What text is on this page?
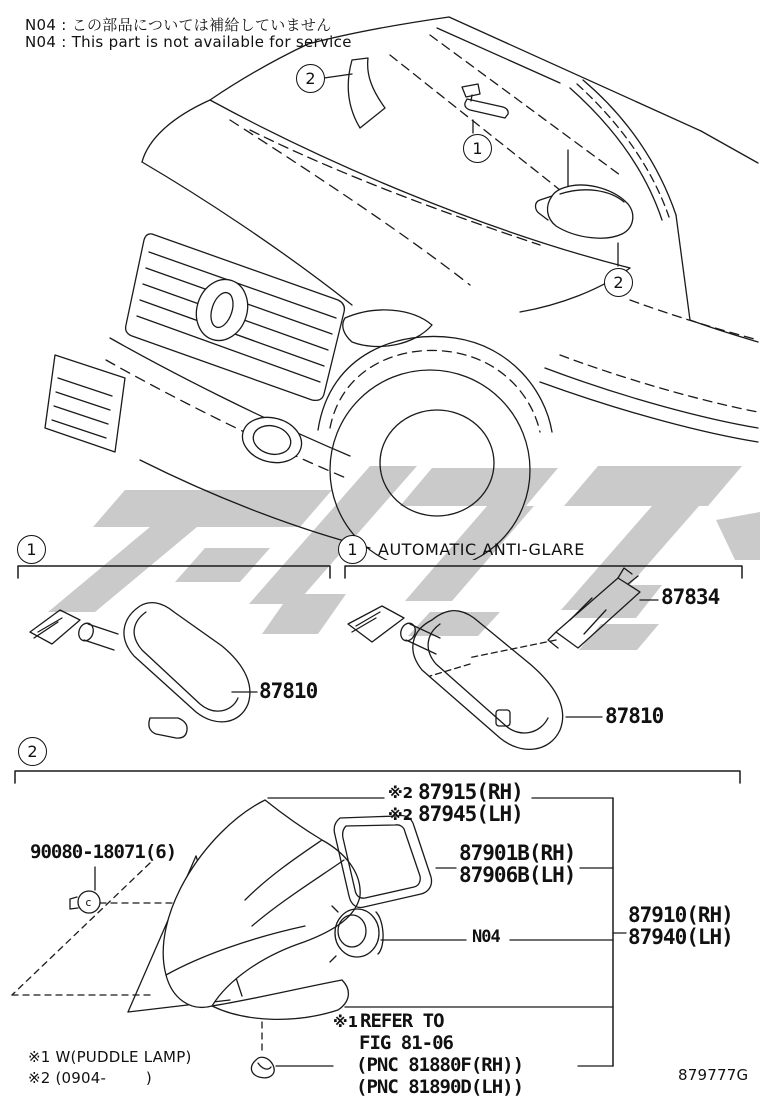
N04 : この部品については補給していません
N04 : This part is not available for service
2
1
2
1	1
2
AUTOMATIC ANTI-GLARE
87810
87834
87810
90080-18071(6)
c
※2 87915(RH)
※2 87945(LH)
87901B(RH)
87906B(LH)
N04
87910(RH)
87940(LH)
※1 REFER TO
FIG 81-06
(PNC 81880F(RH))
(PNC 81890D(LH))
※1 W(PUDDLE LAMP)
※2 (0904-        )	879777G
